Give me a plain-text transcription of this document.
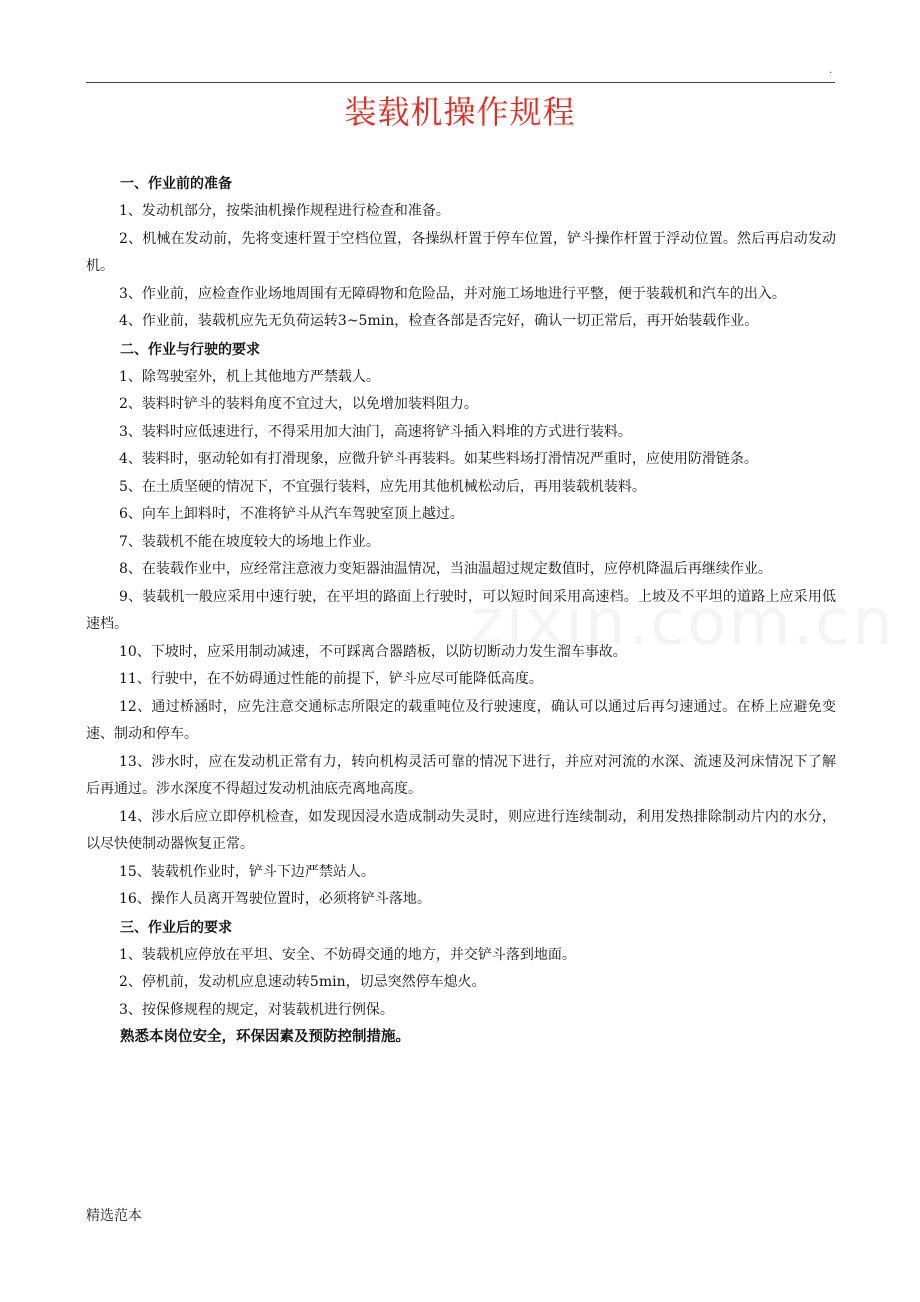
.
装载机操作规程
一、作业前的准备
1、发动机部分，按柴油机操作规程进行检查和准备。
2、机械在发动前，先将变速杆置于空档位置，各操纵杆置于停车位置，铲斗操作杆置于浮动位置。然后再启动发动机。
3、作业前，应检查作业场地周围有无障碍物和危险品，并对施工场地进行平整，便于装载机和汽车的出入。
4、作业前，装载机应先无负荷运转3~5min，检查各部是否完好，确认一切正常后，再开始装载作业。
二、作业与行驶的要求
1、除驾驶室外，机上其他地方严禁载人。
2、装料时铲斗的装料角度不宜过大，以免增加装料阻力。
3、装料时应低速进行，不得采用加大油门，高速将铲斗插入料堆的方式进行装料。
4、装料时，驱动轮如有打滑现象，应微升铲斗再装料。如某些料场打滑情况严重时，应使用防滑链条。
5、在土质坚硬的情况下，不宜强行装料，应先用其他机械松动后，再用装载机装料。
6、向车上卸料时，不准将铲斗从汽车驾驶室顶上越过。
7、装载机不能在坡度较大的场地上作业。
8、在装载作业中，应经常注意液力变矩器油温情况，当油温超过规定数值时，应停机降温后再继续作业。
9、装载机一般应采用中速行驶，在平坦的路面上行驶时，可以短时间采用高速档。上坡及不平坦的道路上应采用低速档。
10、下坡时，应采用制动减速，不可踩离合器踏板，以防切断动力发生溜车事故。
11、行驶中，在不妨碍通过性能的前提下，铲斗应尽可能降低高度。
12、通过桥涵时，应先注意交通标志所限定的载重吨位及行驶速度，确认可以通过后再匀速通过。在桥上应避免变速、制动和停车。
13、涉水时，应在发动机正常有力，转向机构灵活可靠的情况下进行，并应对河流的水深、流速及河床情况下了解后再通过。涉水深度不得超过发动机油底壳离地高度。
14、涉水后应立即停机检查，如发现因浸水造成制动失灵时，则应进行连续制动，利用发热排除制动片内的水分，以尽快使制动器恢复正常。
15、装载机作业时，铲斗下边严禁站人。
16、操作人员离开驾驶位置时，必须将铲斗落地。
三、作业后的要求
1、装载机应停放在平坦、安全、不妨碍交通的地方，并交铲斗落到地面。
2、停机前，发动机应息速动转5min，切忌突然停车熄火。
3、按保修规程的规定，对装载机进行例保。
熟悉本岗位安全，环保因素及预防控制措施。
精选范本
